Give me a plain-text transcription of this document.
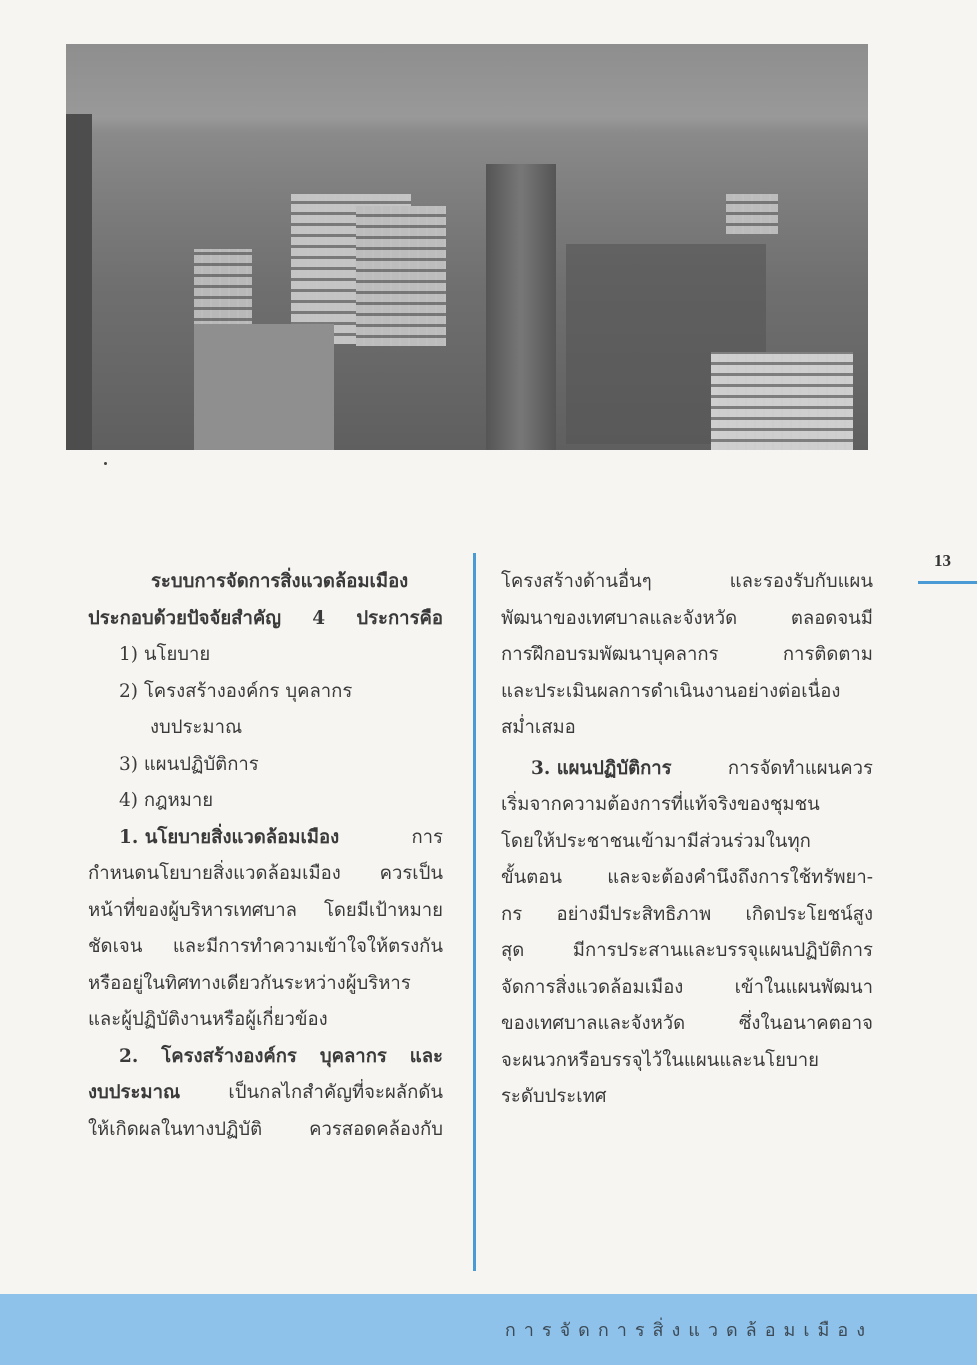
13
ระบบการจัดการสิ่งแวดล้อมเมือง
ประกอบด้วยปัจจัยสำคัญ 4 ประการคือ
1) นโยบาย
2) โครงสร้างองค์กร บุคลากร
งบประมาณ
3) แผนปฏิบัติการ
4) กฎหมาย
1. นโยบายสิ่งแวดล้อมเมือง	การ
กำหนดนโยบายสิ่งแวดล้อมเมือง ควรเป็น
หน้าที่ของผู้บริหารเทศบาล โดยมีเป้าหมาย
ชัดเจน และมีการทำความเข้าใจให้ตรงกัน
หรืออยู่ในทิศทางเดียวกันระหว่างผู้บริหาร
และผู้ปฏิบัติงานหรือผู้เกี่ยวข้อง
2. โครงสร้างองค์กร บุคลากร และ
งบประมาณ	เป็นกลไกสำคัญที่จะผลักดัน
ให้เกิดผลในทางปฏิบัติ ควรสอดคล้องกับ
โครงสร้างด้านอื่นๆ และรองรับกับแผน
พัฒนาของเทศบาลและจังหวัด ตลอดจนมี
การฝึกอบรมพัฒนาบุคลากร การติดตาม
และประเมินผลการดำเนินงานอย่างต่อเนื่อง
สม่ำเสมอ
3. แผนปฏิบัติการ	การจัดทำแผนควร
เริ่มจากความต้องการที่แท้จริงของชุมชน
โดยให้ประชาชนเข้ามามีส่วนร่วมในทุก
ขั้นตอน และจะต้องคำนึงถึงการใช้ทรัพยา-
กร อย่างมีประสิทธิภาพ เกิดประโยชน์สูง
สุด มีการประสานและบรรจุแผนปฏิบัติการ
จัดการสิ่งแวดล้อมเมือง เข้าในแผนพัฒนา
ของเทศบาลและจังหวัด ซึ่งในอนาคตอาจ
จะผนวกหรือบรรจุไว้ในแผนและนโยบาย
ระดับประเทศ
การจัดการสิ่งแวดล้อมเมือง
